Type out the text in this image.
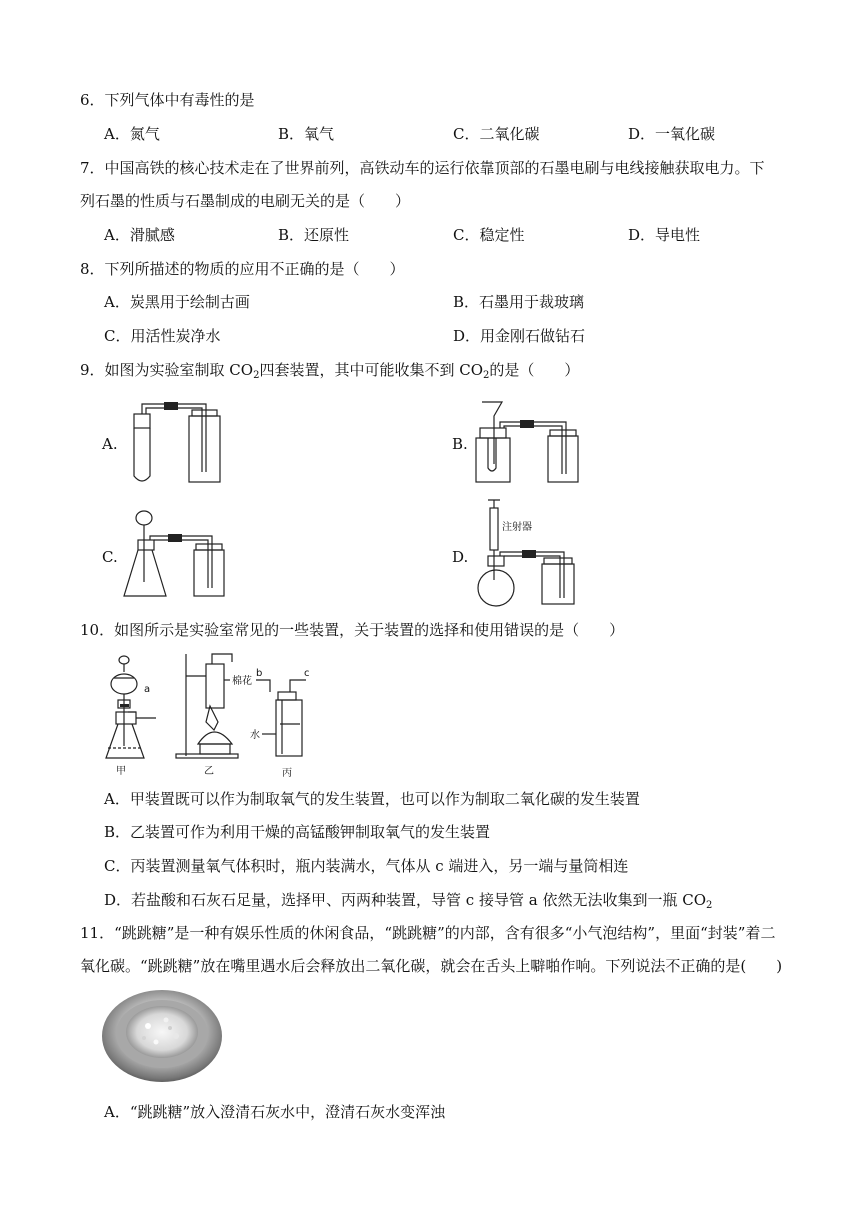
6．下列气体中有毒性的是
A．氮气	B．氧气	C．二氧化碳	D．一氧化碳
7．中国高铁的核心技术走在了世界前列，高铁动车的运行依靠顶部的石墨电刷与电线接触获取电力。下
列石墨的性质与石墨制成的电刷无关的是（　　）
A．滑腻感	B．还原性	C．稳定性	D．导电性
8．下列所描述的物质的应用不正确的是（　　）
A．炭黑用于绘制古画	B．石墨用于裁玻璃
C．用活性炭净水	D．用金刚石做钻石
9．如图为实验室制取 $CO_2$四套装置，其中可能收集不到 $CO_2$的是（　　）
A.	B.
C.	D.
注射器
10．如图所示是实验室常见的一些装置，关于装置的选择和使用错误的是（　　）
a
甲
棉花
乙
b	c
水
丙
A．甲装置既可以作为制取氧气的发生装置，也可以作为制取二氧化碳的发生装置
B．乙装置可作为利用干燥的高锰酸钾制取氧气的发生装置
C．丙装置测量氧气体积时，瓶内装满水，气体从 c 端进入，另一端与量筒相连
D．若盐酸和石灰石足量，选择甲、丙两种装置，导管 c 接导管 a 依然无法收集到一瓶 $CO_2$
11．“跳跳糖”是一种有娱乐性质的休闲食品，“跳跳糖”的内部，含有很多“小气泡结构”，里面“封装”着二
氧化碳。“跳跳糖”放在嘴里遇水后会释放出二氧化碳，就会在舌头上噼啪作响。下列说法不正确的是(　　)
A．“跳跳糖”放入澄清石灰水中，澄清石灰水变浑浊
